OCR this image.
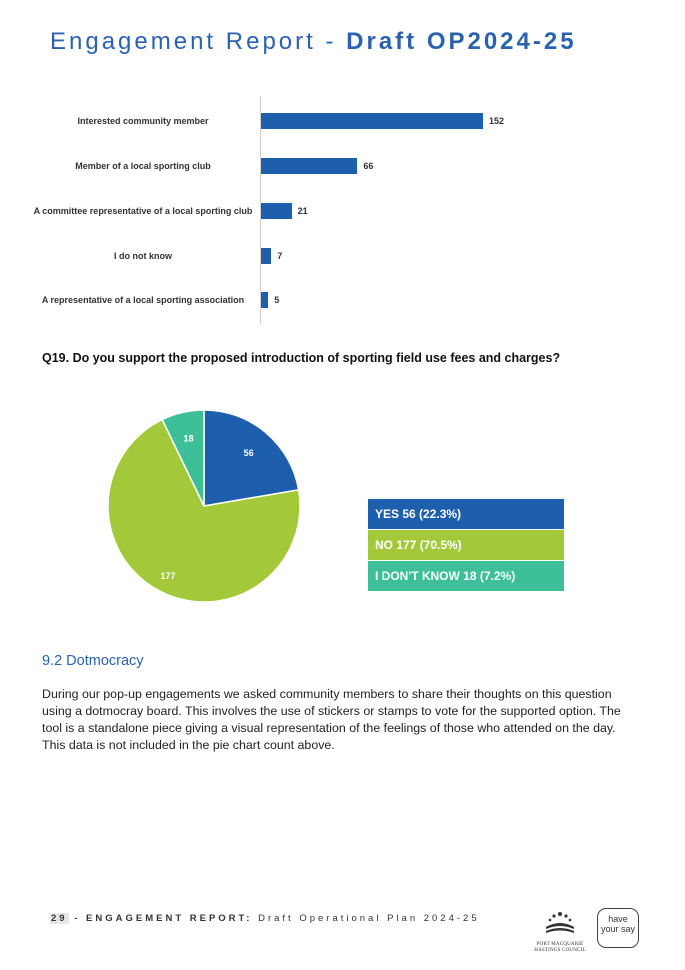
Engagement Report - Draft OP2024-25
Interested community member	152
Member of a local sporting club	66
A committee representative of a local sporting club	21
I do not know	7
A representative of a local sporting association	5
Q19. Do you support the proposed introduction of sporting field use fees and charges?
56
177
18
YES 56 (22.3%)
NO 177 (70.5%)
I DON'T KNOW 18 (7.2%)
9.2 Dotmocracy
During our pop-up engagements we asked community members to share their thoughts on this question using a dotmocray board. This involves the use of stickers or stamps to vote for the supported option. The tool is a standalone piece giving a visual representation of the feelings of those who attended on the day. This data is not included in the pie chart count above.
29 - ENGAGEMENT REPORT: Draft Operational Plan 2024-25
PORT MACQUARIE
HASTINGS COUNCIL
have
your say
